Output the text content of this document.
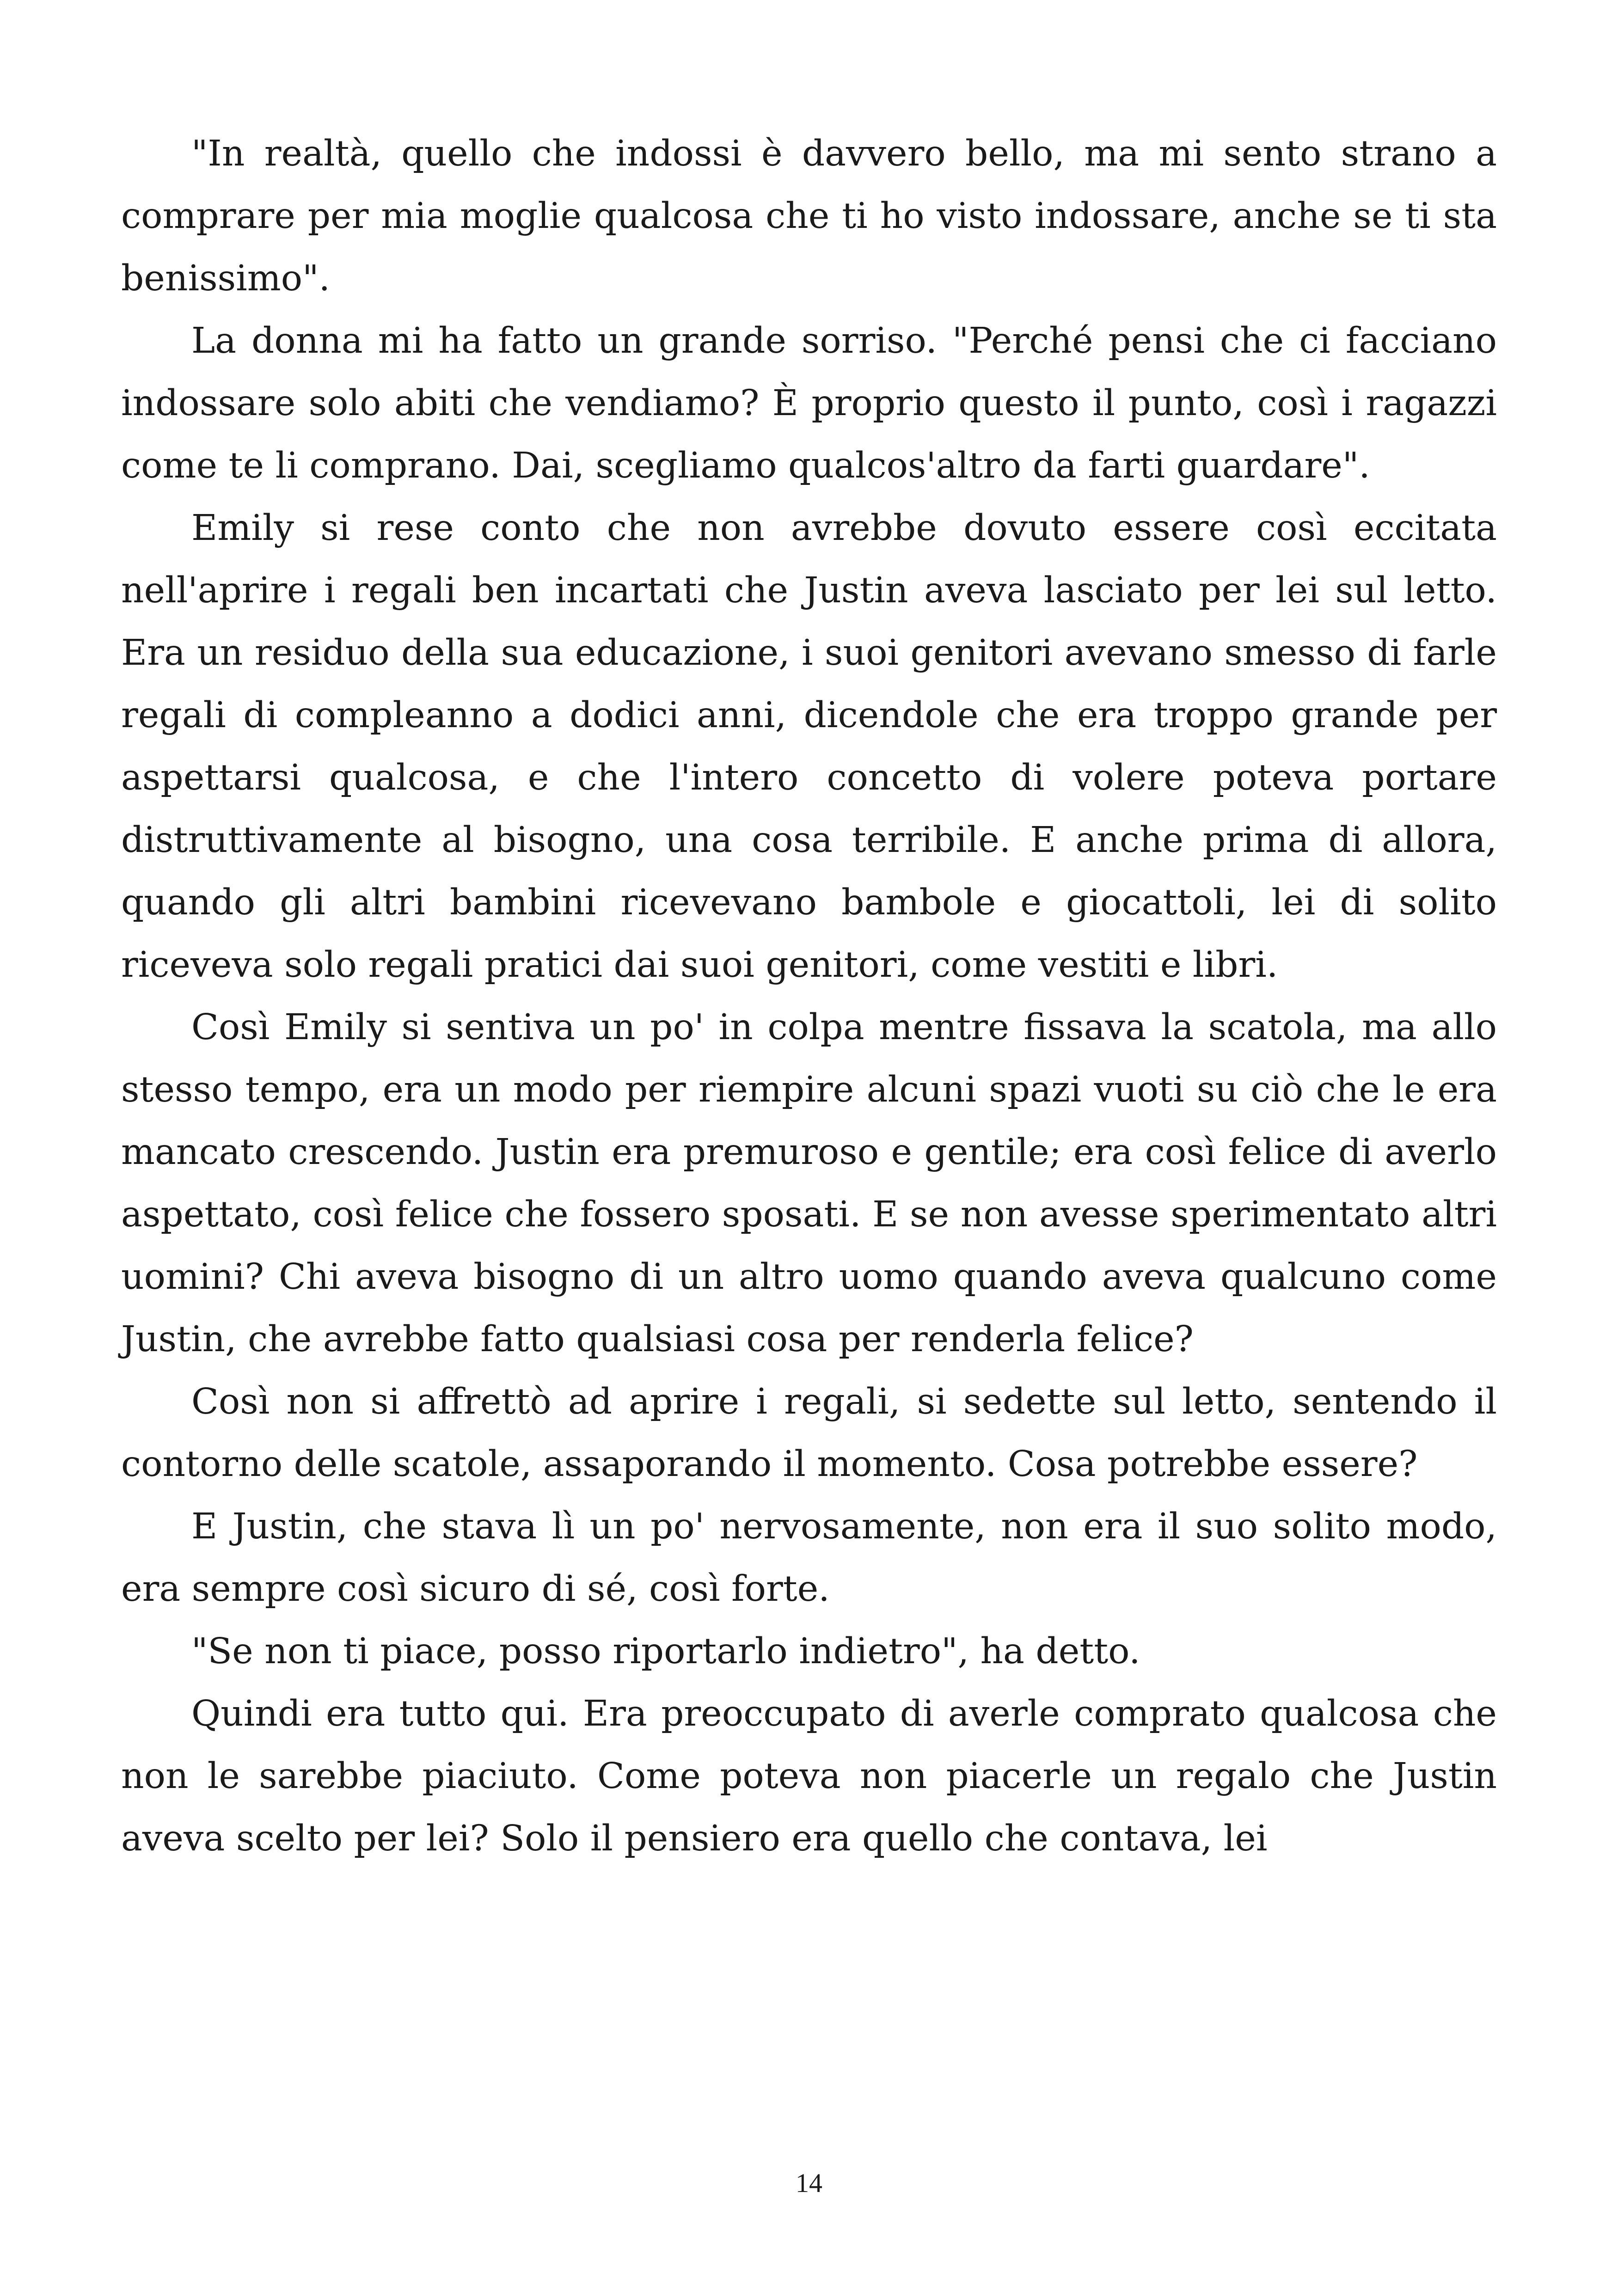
"In realtà, quello che indossi è davvero bello, ma mi sento strano a comprare per mia moglie qualcosa che ti ho visto indossare, anche se ti sta benissimo".

La donna mi ha fatto un grande sorriso. "Perché pensi che ci facciano indossare solo abiti che vendiamo? È proprio questo il punto, così i ragazzi come te li comprano. Dai, scegliamo qualcos'altro da farti guardare".

Emily si rese conto che non avrebbe dovuto essere così eccitata nell'aprire i regali ben incartati che Justin aveva lasciato per lei sul letto. Era un residuo della sua educazione, i suoi genitori avevano smesso di farle regali di compleanno a dodici anni, dicendole che era troppo grande per aspettarsi qualcosa, e che l'intero concetto di volere poteva portare distruttivamente al bisogno, una cosa terribile. E anche prima di allora, quando gli altri bambini ricevevano bambole e giocattoli, lei di solito riceveva solo regali pratici dai suoi genitori, come vestiti e libri.

Così Emily si sentiva un po' in colpa mentre fissava la scatola, ma allo stesso tempo, era un modo per riempire alcuni spazi vuoti su ciò che le era mancato crescendo. Justin era premuroso e gentile; era così felice di averlo aspettato, così felice che fossero sposati. E se non avesse sperimentato altri uomini? Chi aveva bisogno di un altro uomo quando aveva qualcuno come Justin, che avrebbe fatto qualsiasi cosa per renderla felice?

Così non si affrettò ad aprire i regali, si sedette sul letto, sentendo il contorno delle scatole, assaporando il momento. Cosa potrebbe essere?

E Justin, che stava lì un po' nervosamente, non era il suo solito modo, era sempre così sicuro di sé, così forte.

"Se non ti piace, posso riportarlo indietro", ha detto.

Quindi era tutto qui. Era preoccupato di averle comprato qualcosa che non le sarebbe piaciuto. Come poteva non piacerle un regalo che Justin aveva scelto per lei? Solo il pensiero era quello che contava, lei

14
